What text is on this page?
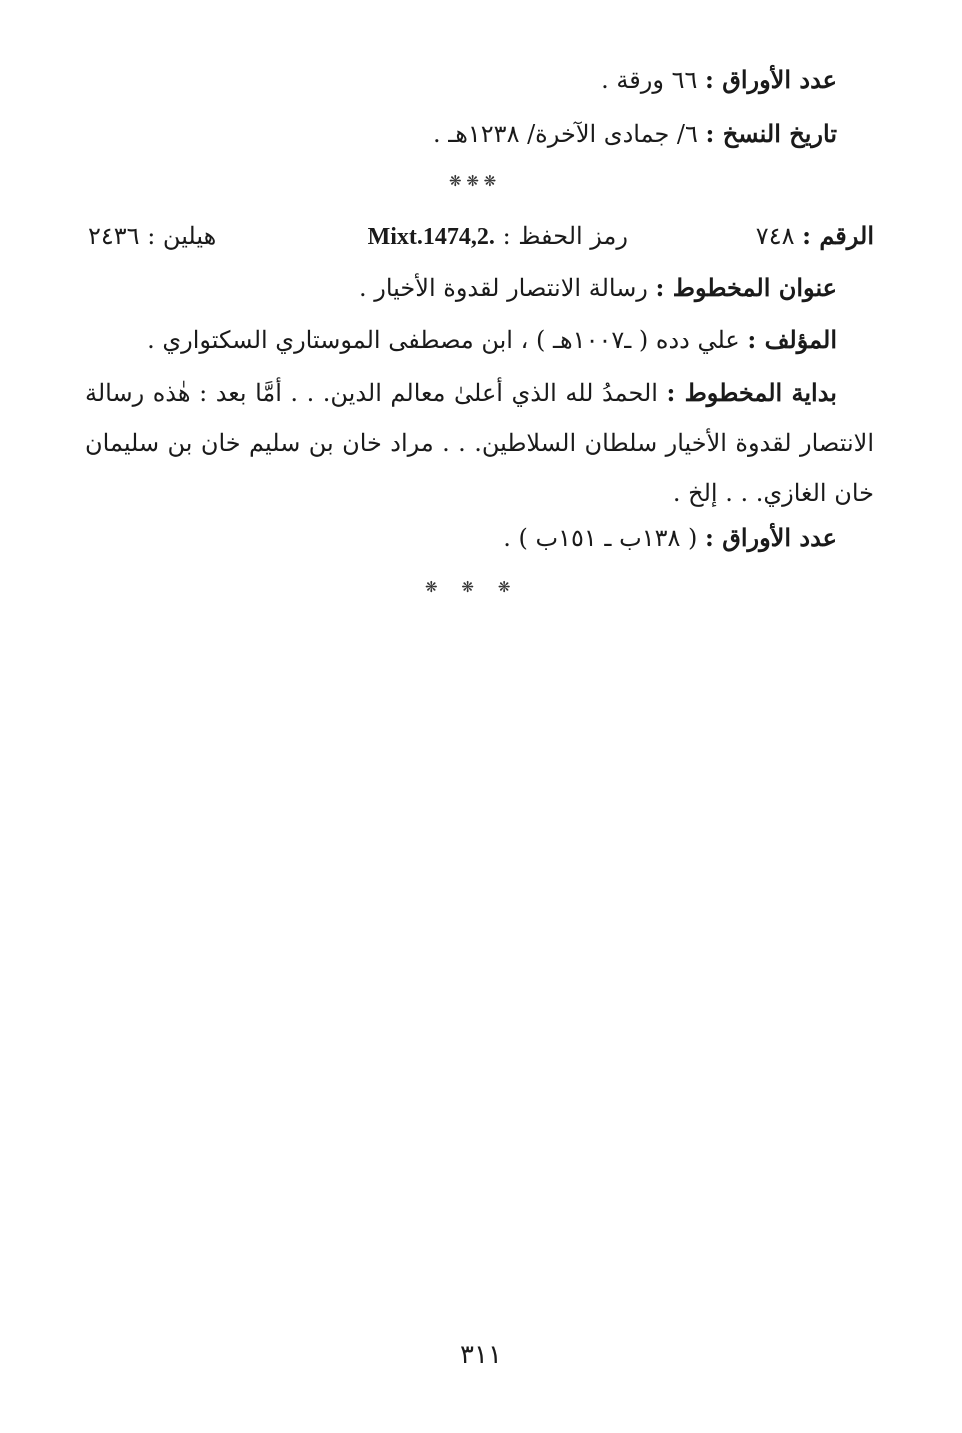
عدد الأوراق : ٦٦ ورقة .
تاريخ النسخ : ٦/ جمادى الآخرة/ ١٢٣٨هـ .
❋ ❋ ❋
الرقم : ٧٤٨
رمز الحفظ : Mixt.1474,2.
هيلين : ٢٤٣٦
عنوان المخطوط : رسالة الانتصار لقدوة الأخيار .
المؤلف : علي دده ( ـ١٠٠٧هـ ) ، ابن مصطفى الموستاري السكتواري .
بداية المخطوط : الحمدُ لله الذي أعلىٰ معالم الدين. . . أمَّا بعد : هٰذه رسالة الانتصار لقدوة الأخيار سلطان السلاطين. . . مراد خان بن سليم خان بن سليمان خان الغازي. . . إلخ .
عدد الأوراق : ( ١٣٨ب ـ ١٥١ب ) .
❋     ❋     ❋
٣١١
